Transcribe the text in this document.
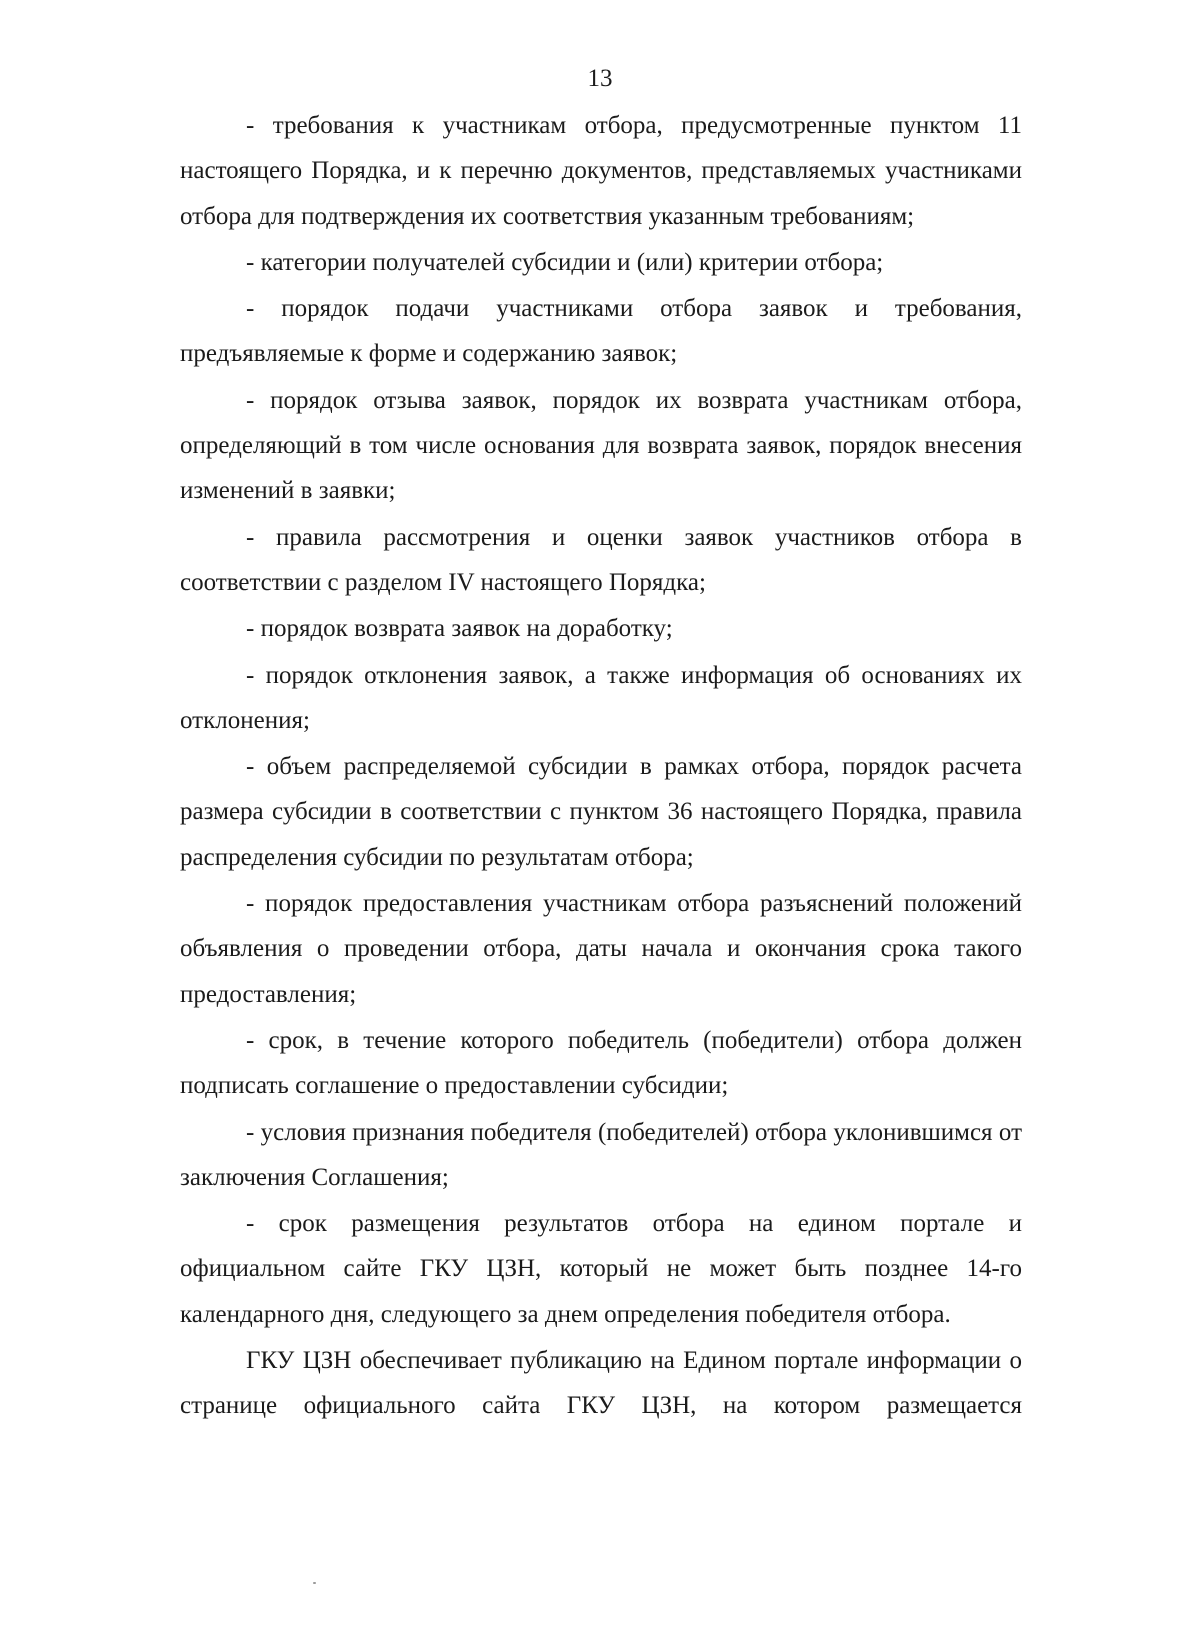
13

- требования к участникам отбора, предусмотренные пунктом 11 настоящего Порядка, и к перечню документов, представляемых участниками отбора для подтверждения их соответствия указанным требованиям;

- категории получателей субсидии и (или) критерии отбора;

- порядок подачи участниками отбора заявок и требования, предъявляемые к форме и содержанию заявок;

- порядок отзыва заявок, порядок их возврата участникам отбора, определяющий в том числе основания для возврата заявок, порядок внесения изменений в заявки;

- правила рассмотрения и оценки заявок участников отбора в соответствии с разделом IV настоящего Порядка;

- порядок возврата заявок на доработку;

- порядок отклонения заявок, а также информация об основаниях их отклонения;

- объем распределяемой субсидии в рамках отбора, порядок расчета размера субсидии в соответствии с пунктом 36 настоящего Порядка, правила распределения субсидии по результатам отбора;

- порядок предоставления участникам отбора разъяснений положений объявления о проведении отбора, даты начала и окончания срока такого предоставления;

- срок, в течение которого победитель (победители) отбора должен подписать соглашение о предоставлении субсидии;

- условия признания победителя (победителей) отбора уклонившимся от заключения Соглашения;

- срок размещения результатов отбора на едином портале и официальном сайте ГКУ ЦЗН, который не может быть позднее 14-го календарного дня, следующего за днем определения победителя отбора.

ГКУ ЦЗН обеспечивает публикацию на Едином портале информации о странице официального сайта ГКУ ЦЗН, на котором размещается
